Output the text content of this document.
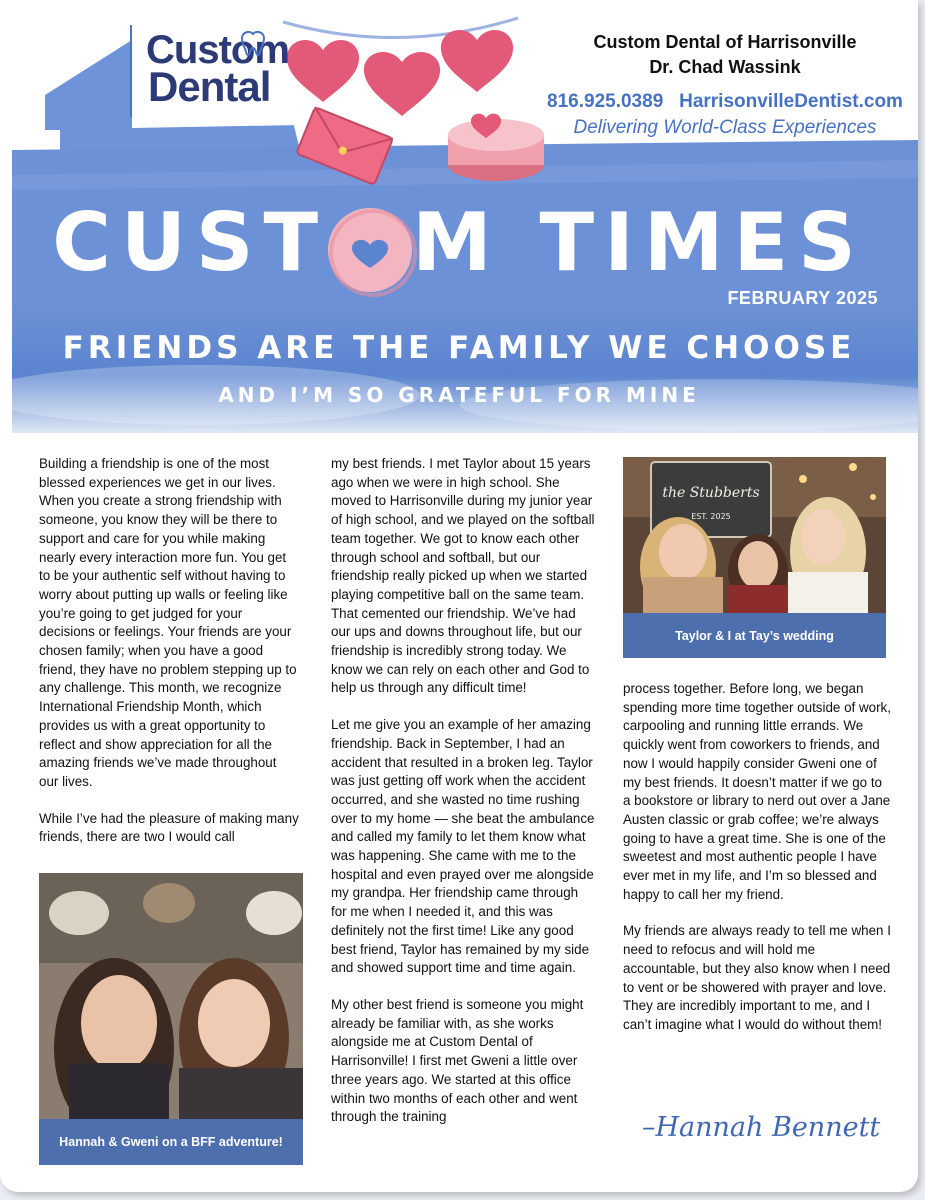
Custom
Dental
Custom Dental of Harrisonville
Dr. Chad Wassink
816.925.0389 HarrisonvilleDentist.com
Delivering World-Class Experiences
CUST M TIMES
FEBRUARY 2025
FRIENDS ARE THE FAMILY WE CHOOSE
AND I’M SO GRATEFUL FOR MINE

Building a friendship is one of the most blessed experiences we get in our lives. When you create a strong friendship with someone, you know they will be there to support and care for you while making nearly every interaction more fun. You get to be your authentic self without having to worry about putting up walls or feeling like you’re going to get judged for your decisions or feelings. Your friends are your chosen family; when you have a good friend, they have no problem stepping up to any challenge. This month, we recognize International Friendship Month, which provides us with a great opportunity to reflect and show appreciation for all the amazing friends we’ve made throughout our lives.

While I’ve had the pleasure of making many friends, there are two I would call

Hannah & Gweni on a BFF adventure!

my best friends. I met Taylor about 15 years ago when we were in high school. She moved to Harrisonville during my junior year of high school, and we played on the softball team together. We got to know each other through school and softball, but our friendship really picked up when we started playing competitive ball on the same team. That cemented our friendship. We’ve had our ups and downs throughout life, but our friendship is incredibly strong today. We know we can rely on each other and God to help us through any difficult time!

Let me give you an example of her amazing friendship. Back in September, I had an accident that resulted in a broken leg. Taylor was just getting off work when the accident occurred, and she wasted no time rushing over to my home — she beat the ambulance and called my family to let them know what was happening. She came with me to the hospital and even prayed over me alongside my grandpa. Her friendship came through for me when I needed it, and this was definitely not the first time! Like any good best friend, Taylor has remained by my side and showed support time and time again.

My other best friend is someone you might already be familiar with, as she works alongside me at Custom Dental of Harrisonville! I first met Gweni a little over three years ago. We started at this office within two months of each other and went through the training

the Stubberts
EST. 2025
Taylor & I at Tay’s wedding

process together. Before long, we began spending more time together outside of work, carpooling and running little errands. We quickly went from coworkers to friends, and now I would happily consider Gweni one of my best friends. It doesn’t matter if we go to a bookstore or library to nerd out over a Jane Austen classic or grab coffee; we’re always going to have a great time. She is one of the sweetest and most authentic people I have ever met in my life, and I’m so blessed and happy to call her my friend.

My friends are always ready to tell me when I need to refocus and will hold me accountable, but they also know when I need to vent or be showered with prayer and love. They are incredibly important to me, and I can’t imagine what I would do without them!

–Hannah Bennett
